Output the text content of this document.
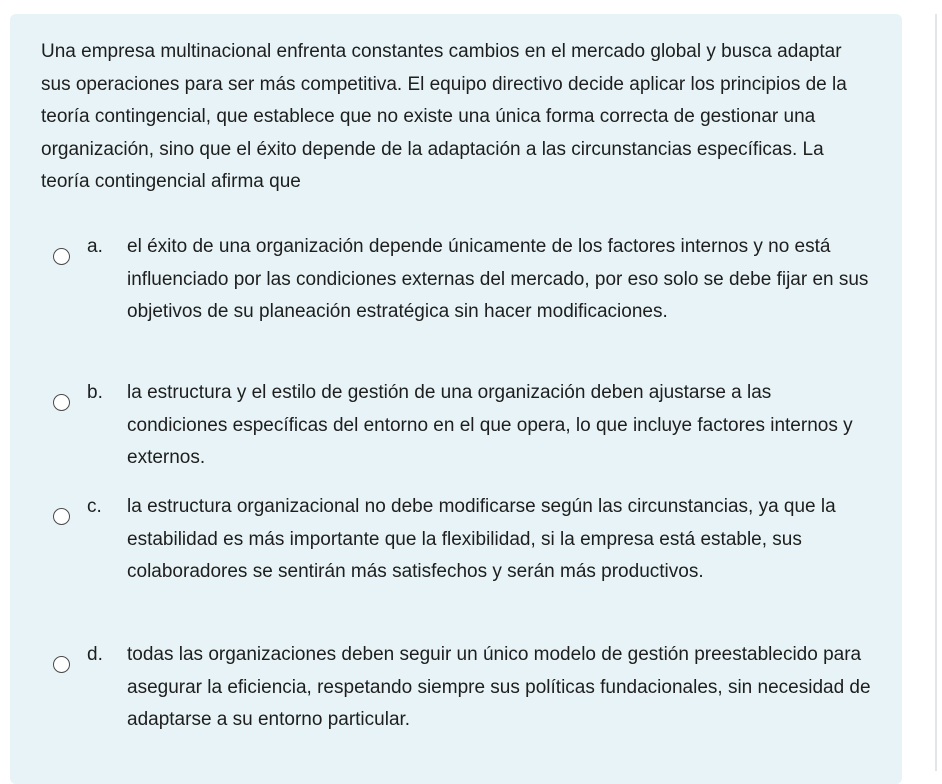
Una empresa multinacional enfrenta constantes cambios en el mercado global y busca adaptar sus operaciones para ser más competitiva. El equipo directivo decide aplicar los principios de la teoría contingencial, que establece que no existe una única forma correcta de gestionar una organización, sino que el éxito depende de la adaptación a las circunstancias específicas. La teoría contingencial afirma que

a. el éxito de una organización depende únicamente de los factores internos y no está influenciado por las condiciones externas del mercado, por eso solo se debe fijar en sus objetivos de su planeación estratégica sin hacer modificaciones.
b. la estructura y el estilo de gestión de una organización deben ajustarse a las condiciones específicas del entorno en el que opera, lo que incluye factores internos y externos.
c. la estructura organizacional no debe modificarse según las circunstancias, ya que la estabilidad es más importante que la flexibilidad, si la empresa está estable, sus colaboradores se sentirán más satisfechos y serán más productivos.
d. todas las organizaciones deben seguir un único modelo de gestión preestablecido para asegurar la eficiencia, respetando siempre sus políticas fundacionales, sin necesidad de adaptarse a su entorno particular.
